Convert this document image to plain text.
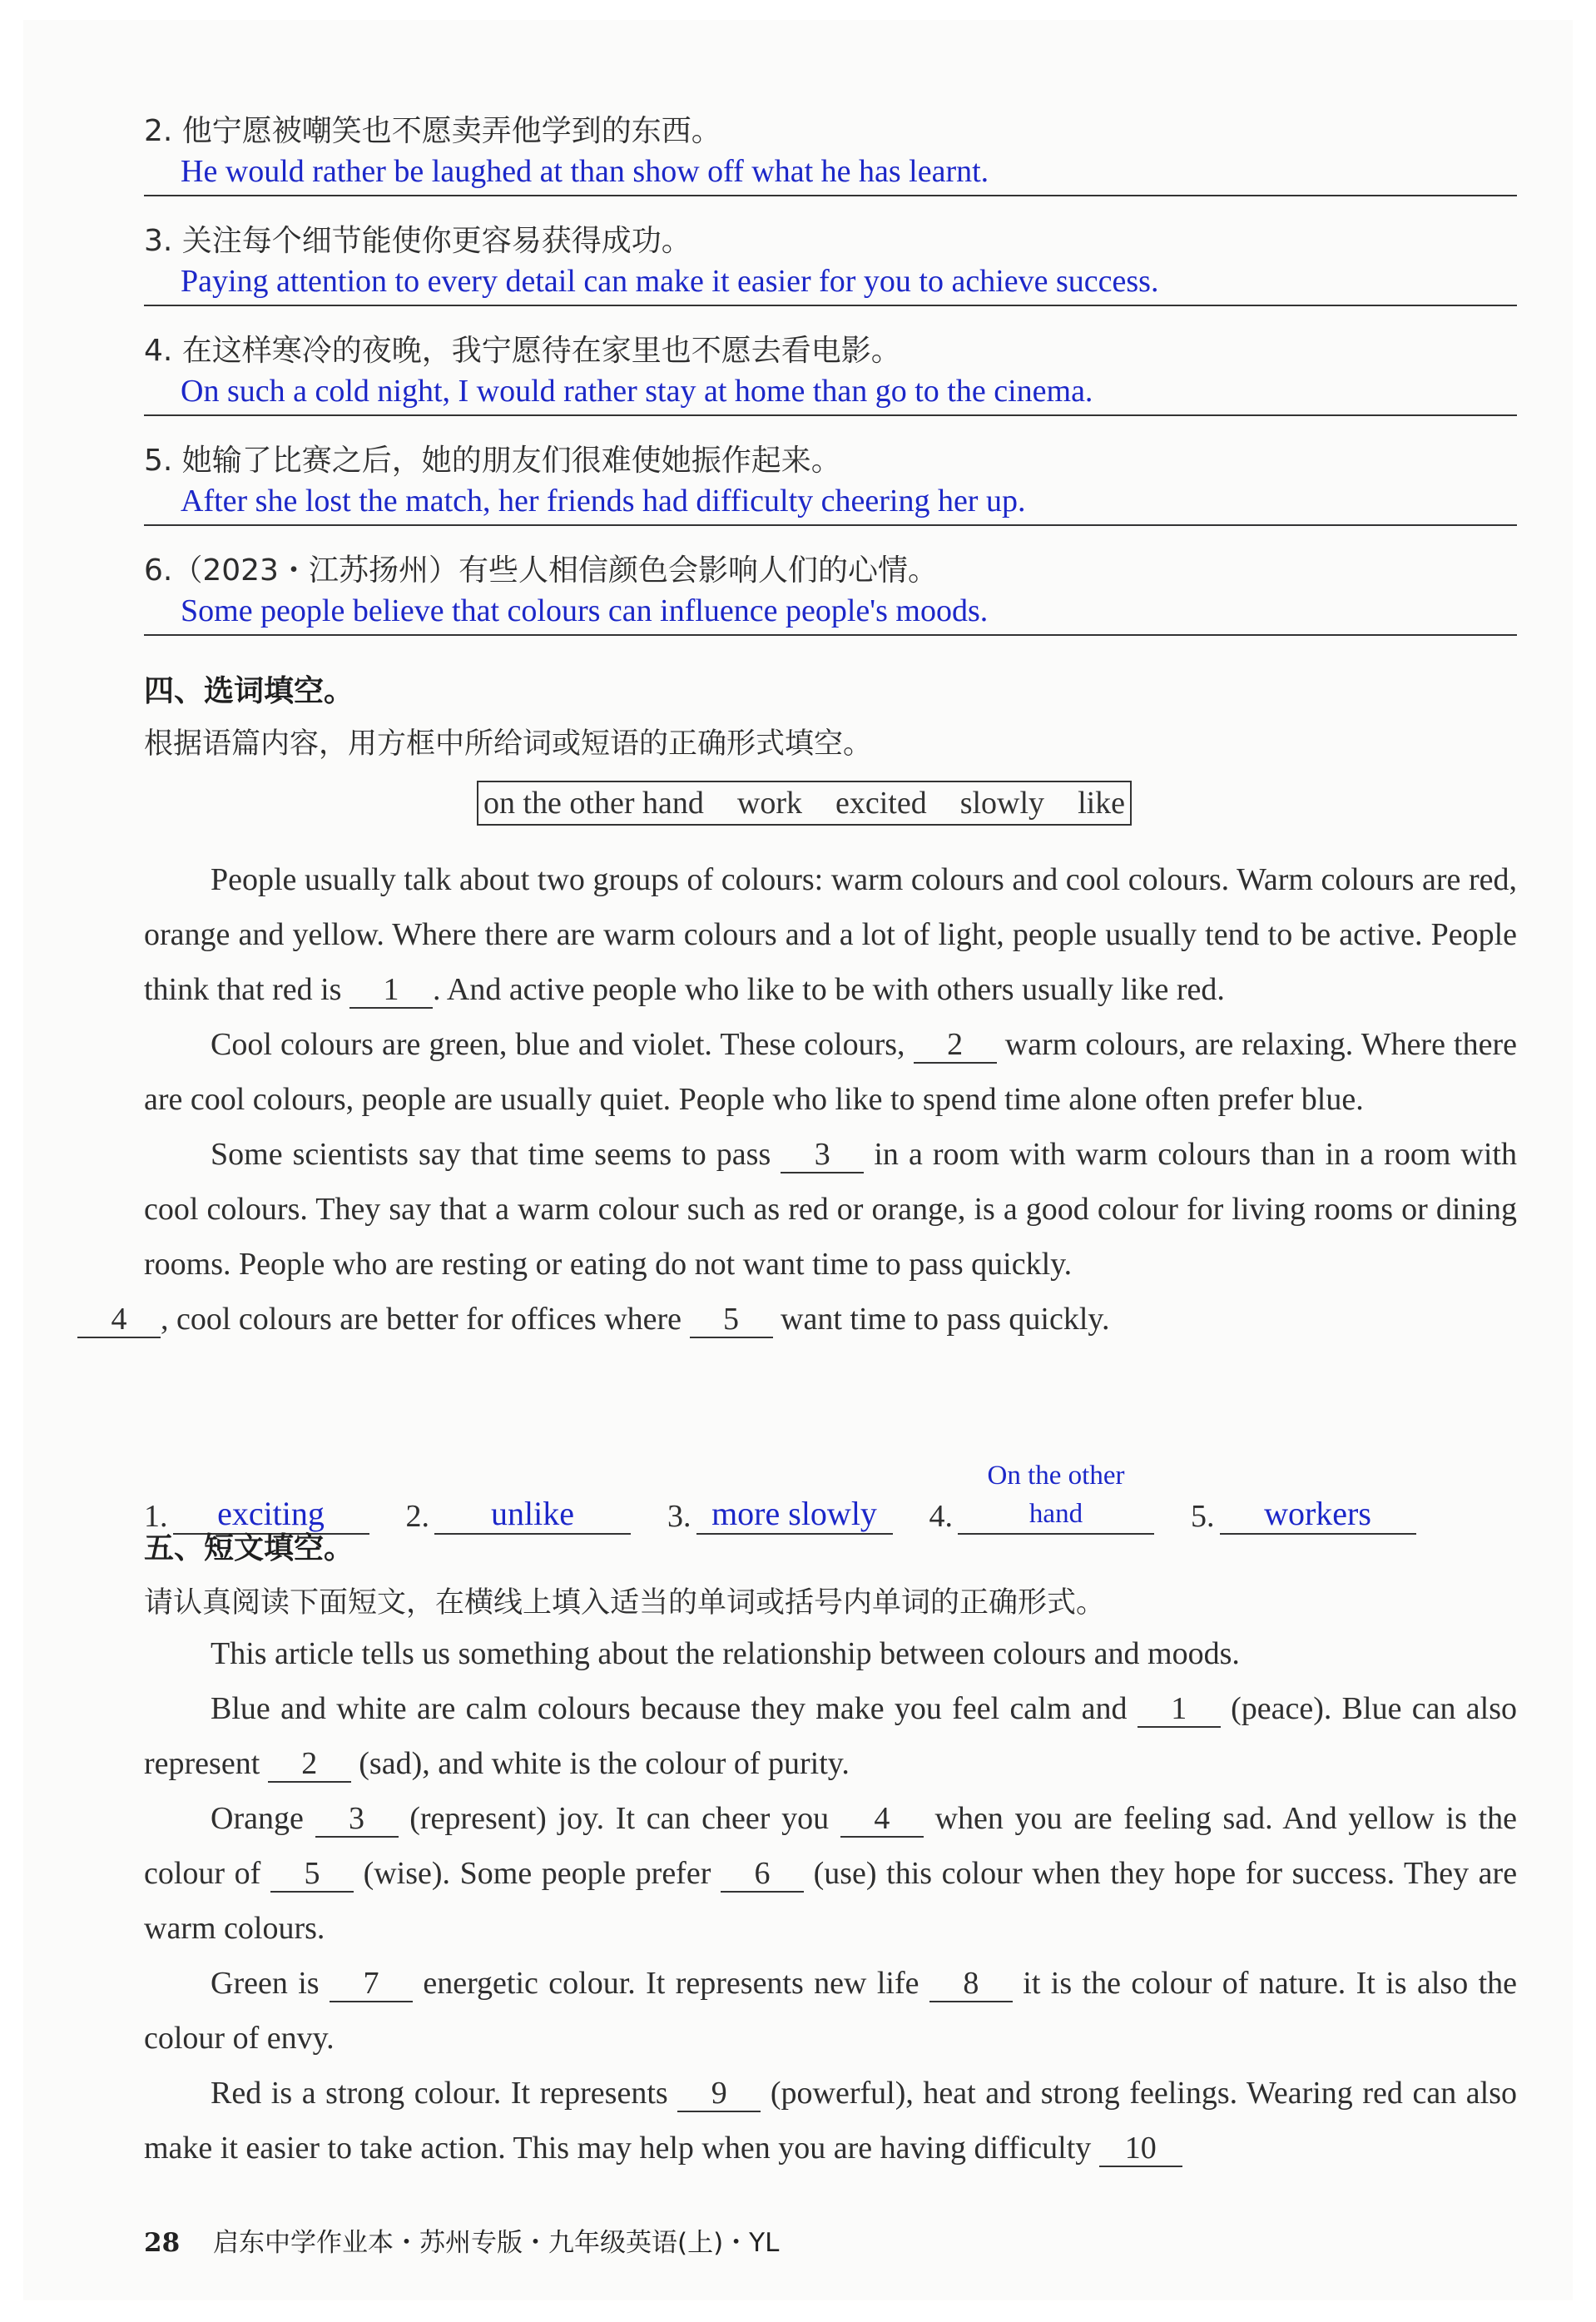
2. 他宁愿被嘲笑也不愿卖弄他学到的东西。
He would rather be laughed at than show off what he has learnt.
3. 关注每个细节能使你更容易获得成功。
Paying attention to every detail can make it easier for you to achieve success.
4. 在这样寒冷的夜晚，我宁愿待在家里也不愿去看电影。
On such a cold night, I would rather stay at home than go to the cinema.
5. 她输了比赛之后，她的朋友们很难使她振作起来。
After she lost the match, her friends had difficulty cheering her up.
6.（2023・江苏扬州）有些人相信颜色会影响人们的心情。
Some people believe that colours can influence people's moods.
四、选词填空。
根据语篇内容，用方框中所给词或短语的正确形式填空。
on the other hand work excited slowly like

People usually talk about two groups of colours: warm colours and cool colours. Warm colours are red, orange and yellow. Where there are warm colours and a lot of light, people usually tend to be active. People think that red is 1 . And active people who like to be with others usually like red.

Cool colours are green, blue and violet. These colours, 2 warm colours, are relaxing. Where there are cool colours, people are usually quiet. People who like to spend time alone often prefer blue.

Some scientists say that time seems to pass 3 in a room with warm colours than in a room with cool colours. They say that a warm colour such as red or orange, is a good colour for living rooms or dining rooms. People who are resting or eating do not want time to pass quickly.
4 , cool colours are better for offices where 5 want time to pass quickly.

1.	exciting	2.	unlike	3. more slowly	4.
On the other hand	5.	workers
五、短文填空。
请认真阅读下面短文，在横线上填入适当的单词或括号内单词的正确形式。

This article tells us something about the relationship between colours and moods.

Blue and white are calm colours because they make you feel calm and 1 (peace). Blue can also represent 2 (sad), and white is the colour of purity.

Orange 3 (represent) joy. It can cheer you 4 when you are feeling sad. And yellow is the colour of 5 (wise). Some people prefer 6 (use) this colour when they hope for success. They are warm colours.

Green is 7 energetic colour. It represents new life 8 it is the colour of nature. It is also the colour of envy.

Red is a strong colour. It represents 9 (powerful), heat and strong feelings. Wearing red can also make it easier to take action. This may help when you are having difficulty 10

28 启东中学作业本・苏州专版・九年级英语(上)・YL
